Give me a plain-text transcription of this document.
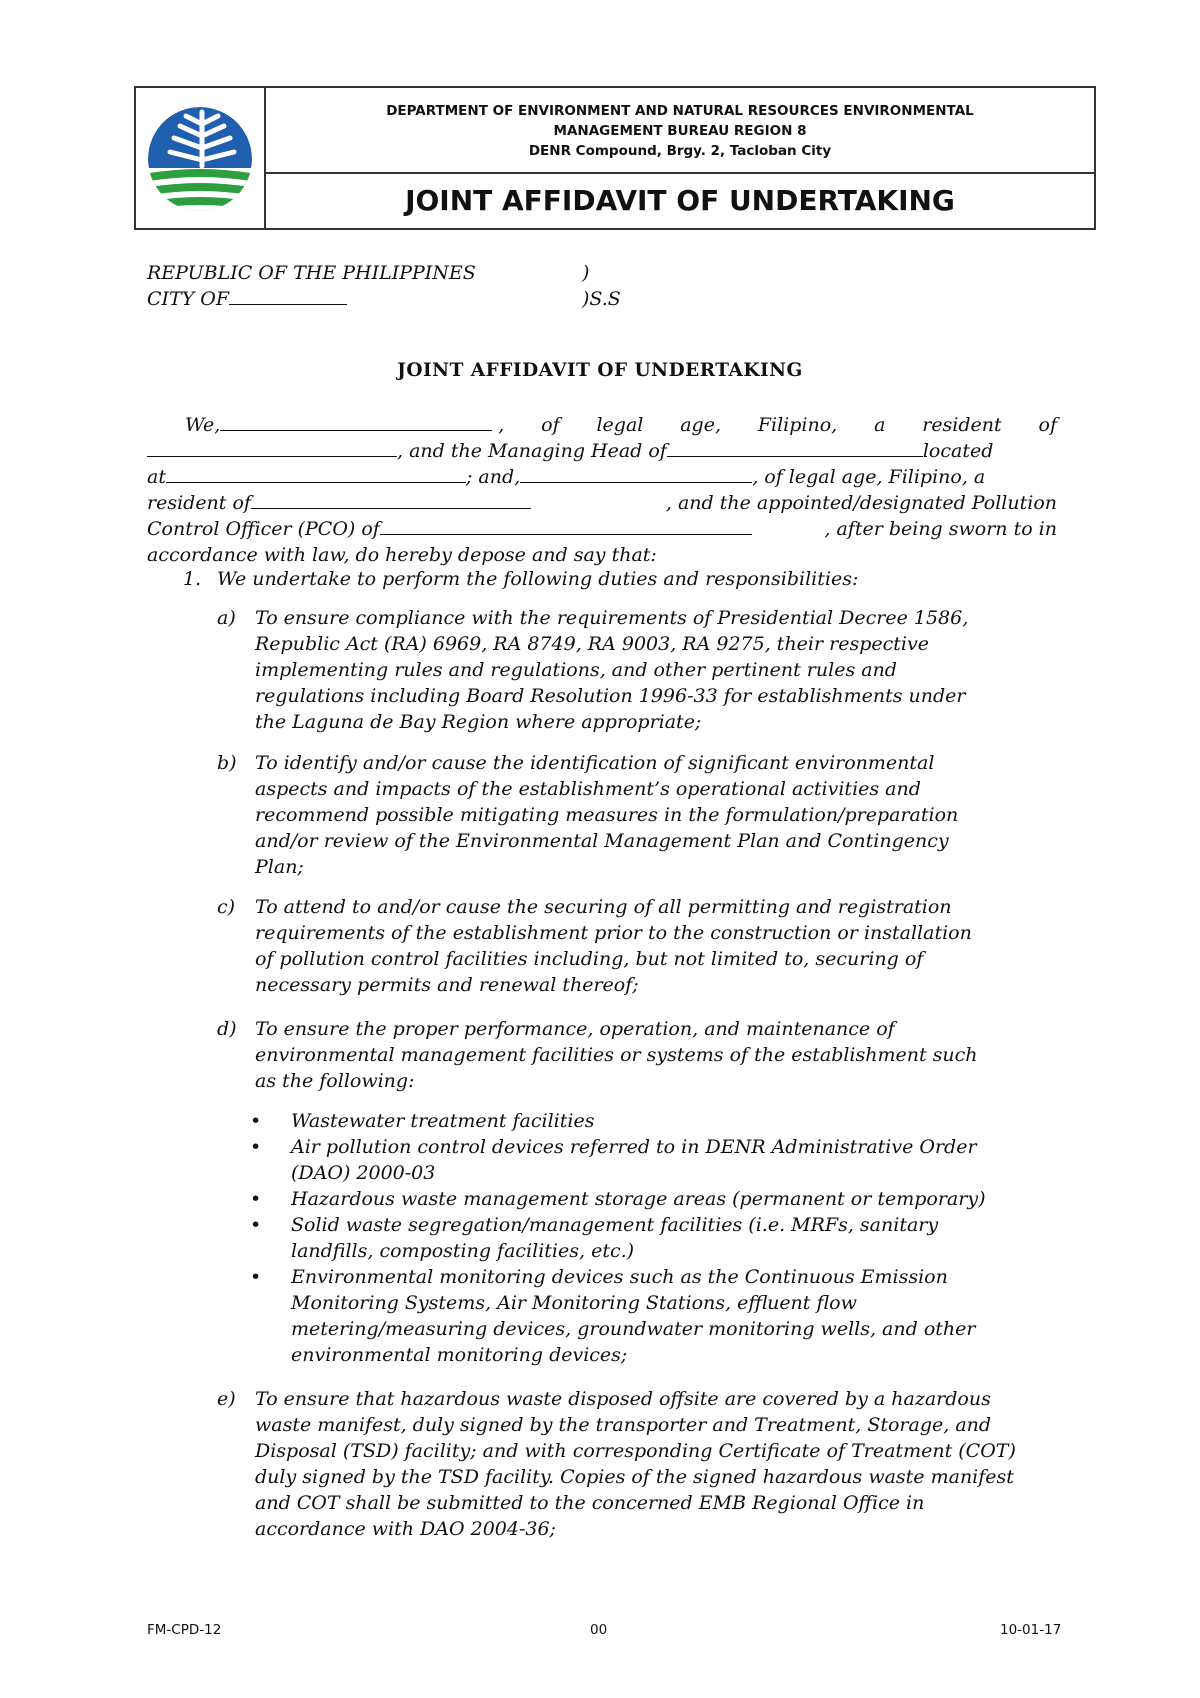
DEPARTMENT OF ENVIRONMENT AND NATURAL RESOURCES ENVIRONMENTAL
MANAGEMENT BUREAU REGION 8
DENR Compound, Brgy. 2, Tacloban City
JOINT AFFIDAVIT OF UNDERTAKING
REPUBLIC OF THE PHILIPPINES	)
CITY OF	)S.S
JOINT AFFIDAVIT OF UNDERTAKING
We,	, of legal age, Filipino, a resident of
, and the Managing Head of	located
at	; and,	, of legal age, Filipino, a
resident of	, and the appointed/designated Pollution
Control Officer (PCO) of	, after being sworn to in
accordance with law, do hereby depose and say that:
1. We undertake to perform the following duties and responsibilities:
a) To ensure compliance with the requirements of Presidential Decree 1586,
Republic Act (RA) 6969, RA 8749, RA 9003, RA 9275, their respective
implementing rules and regulations, and other pertinent rules and
regulations including Board Resolution 1996-33 for establishments under
the Laguna de Bay Region where appropriate;
b) To identify and/or cause the identification of significant environmental
aspects and impacts of the establishment’s operational activities and
recommend possible mitigating measures in the formulation/preparation
and/or review of the Environmental Management Plan and Contingency
Plan;
c) To attend to and/or cause the securing of all permitting and registration
requirements of the establishment prior to the construction or installation
of pollution control facilities including, but not limited to, securing of
necessary permits and renewal thereof;
d) To ensure the proper performance, operation, and maintenance of
environmental management facilities or systems of the establishment such
as the following:
• Wastewater treatment facilities
• Air pollution control devices referred to in DENR Administrative Order
(DAO) 2000-03
• Hazardous waste management storage areas (permanent or temporary)
• Solid waste segregation/management facilities (i.e. MRFs, sanitary
landfills, composting facilities, etc.)
• Environmental monitoring devices such as the Continuous Emission
Monitoring Systems, Air Monitoring Stations, effluent flow
metering/measuring devices, groundwater monitoring wells, and other
environmental monitoring devices;
e) To ensure that hazardous waste disposed offsite are covered by a hazardous
waste manifest, duly signed by the transporter and Treatment, Storage, and
Disposal (TSD) facility; and with corresponding Certificate of Treatment (COT)
duly signed by the TSD facility. Copies of the signed hazardous waste manifest
and COT shall be submitted to the concerned EMB Regional Office in
accordance with DAO 2004-36;
FM-CPD-12	00	10-01-17
